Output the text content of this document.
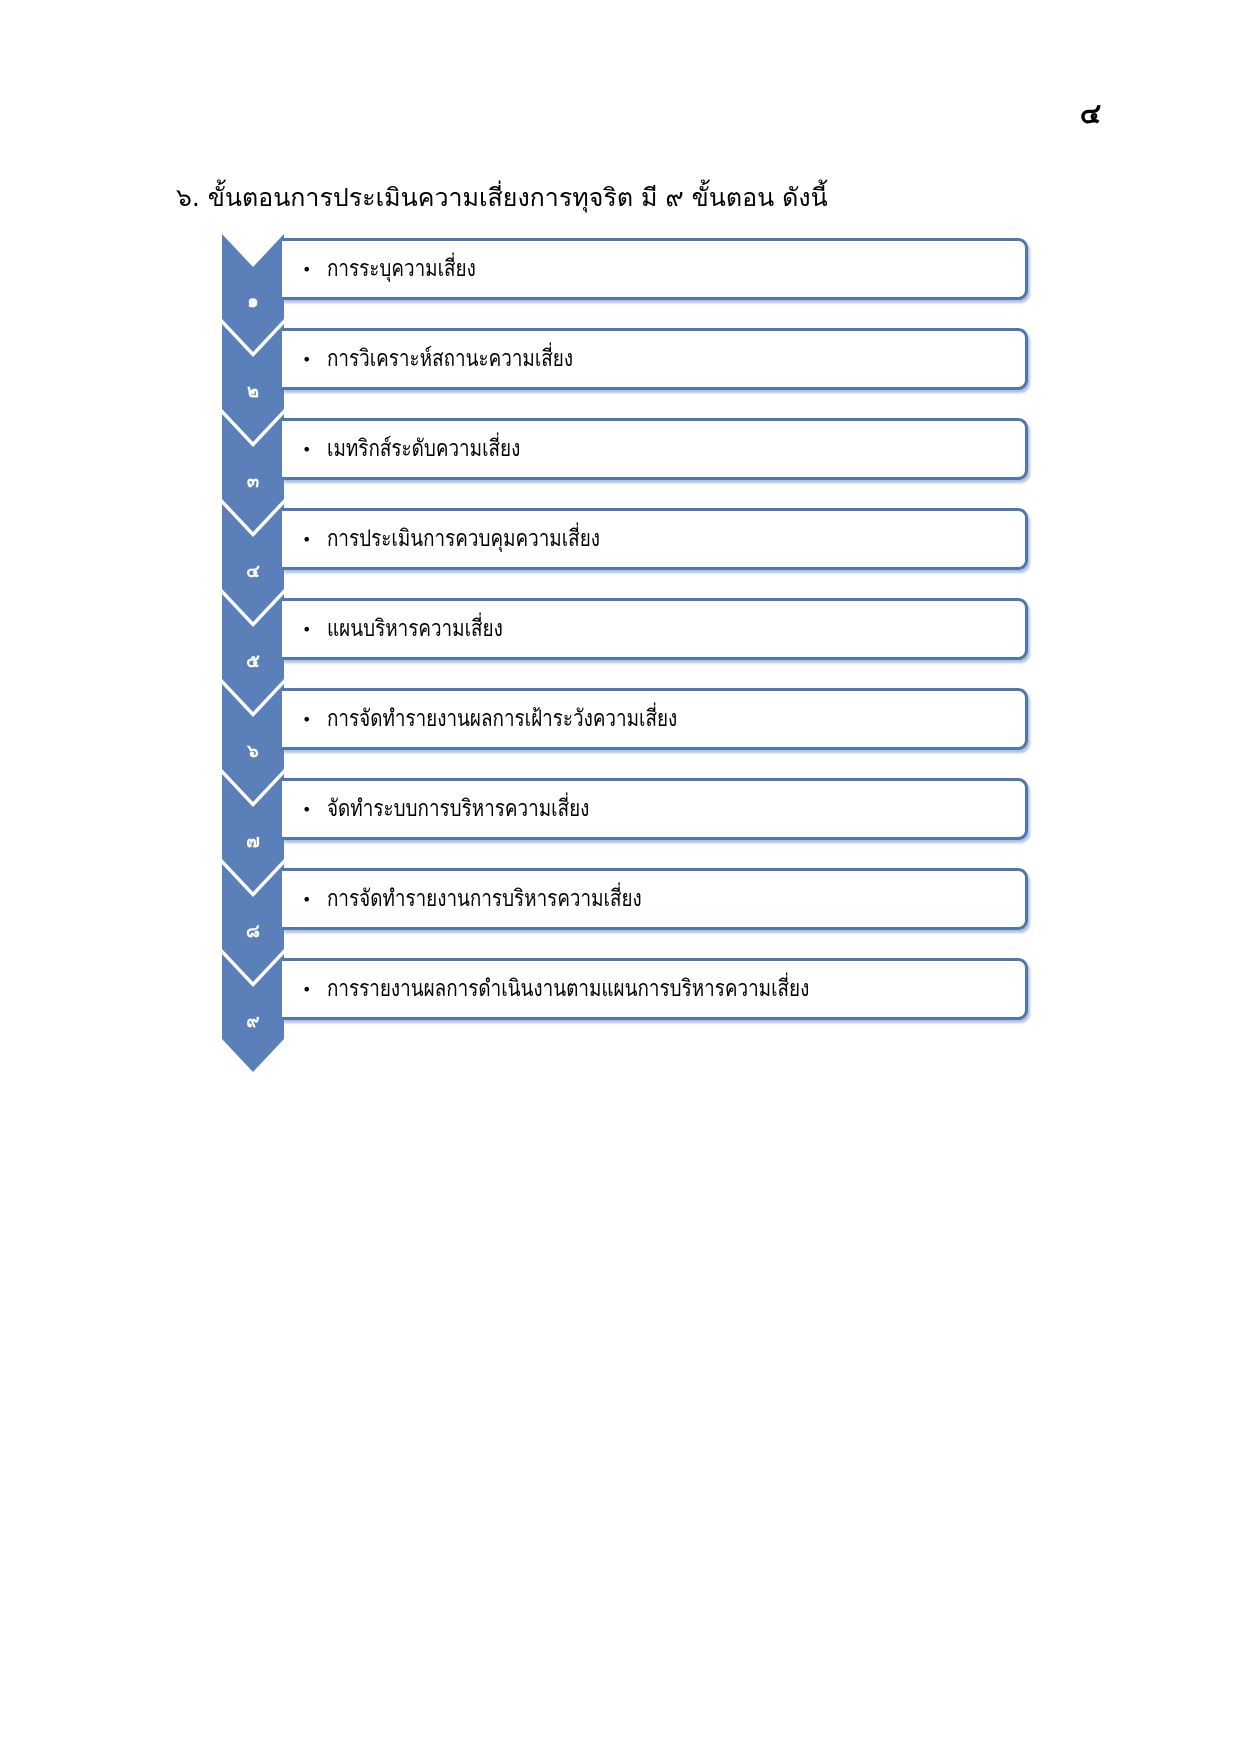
๔
๖. ขั้นตอนการประเมินความเสี่ยงการทุจริต มี ๙ ขั้นตอน ดังนี้
๑
๒
๓
๔
๕
๖
๗
๘
๙
• การระบุความเสี่ยง
• การวิเคราะห์สถานะความเสี่ยง
• เมทริกส์ระดับความเสี่ยง
• การประเมินการควบคุมความเสี่ยง
• แผนบริหารความเสี่ยง
• การจัดทำรายงานผลการเฝ้าระวังความเสี่ยง
• จัดทำระบบการบริหารความเสี่ยง
• การจัดทำรายงานการบริหารความเสี่ยง
• การรายงานผลการดำเนินงานตามแผนการบริหารความเสี่ยง
